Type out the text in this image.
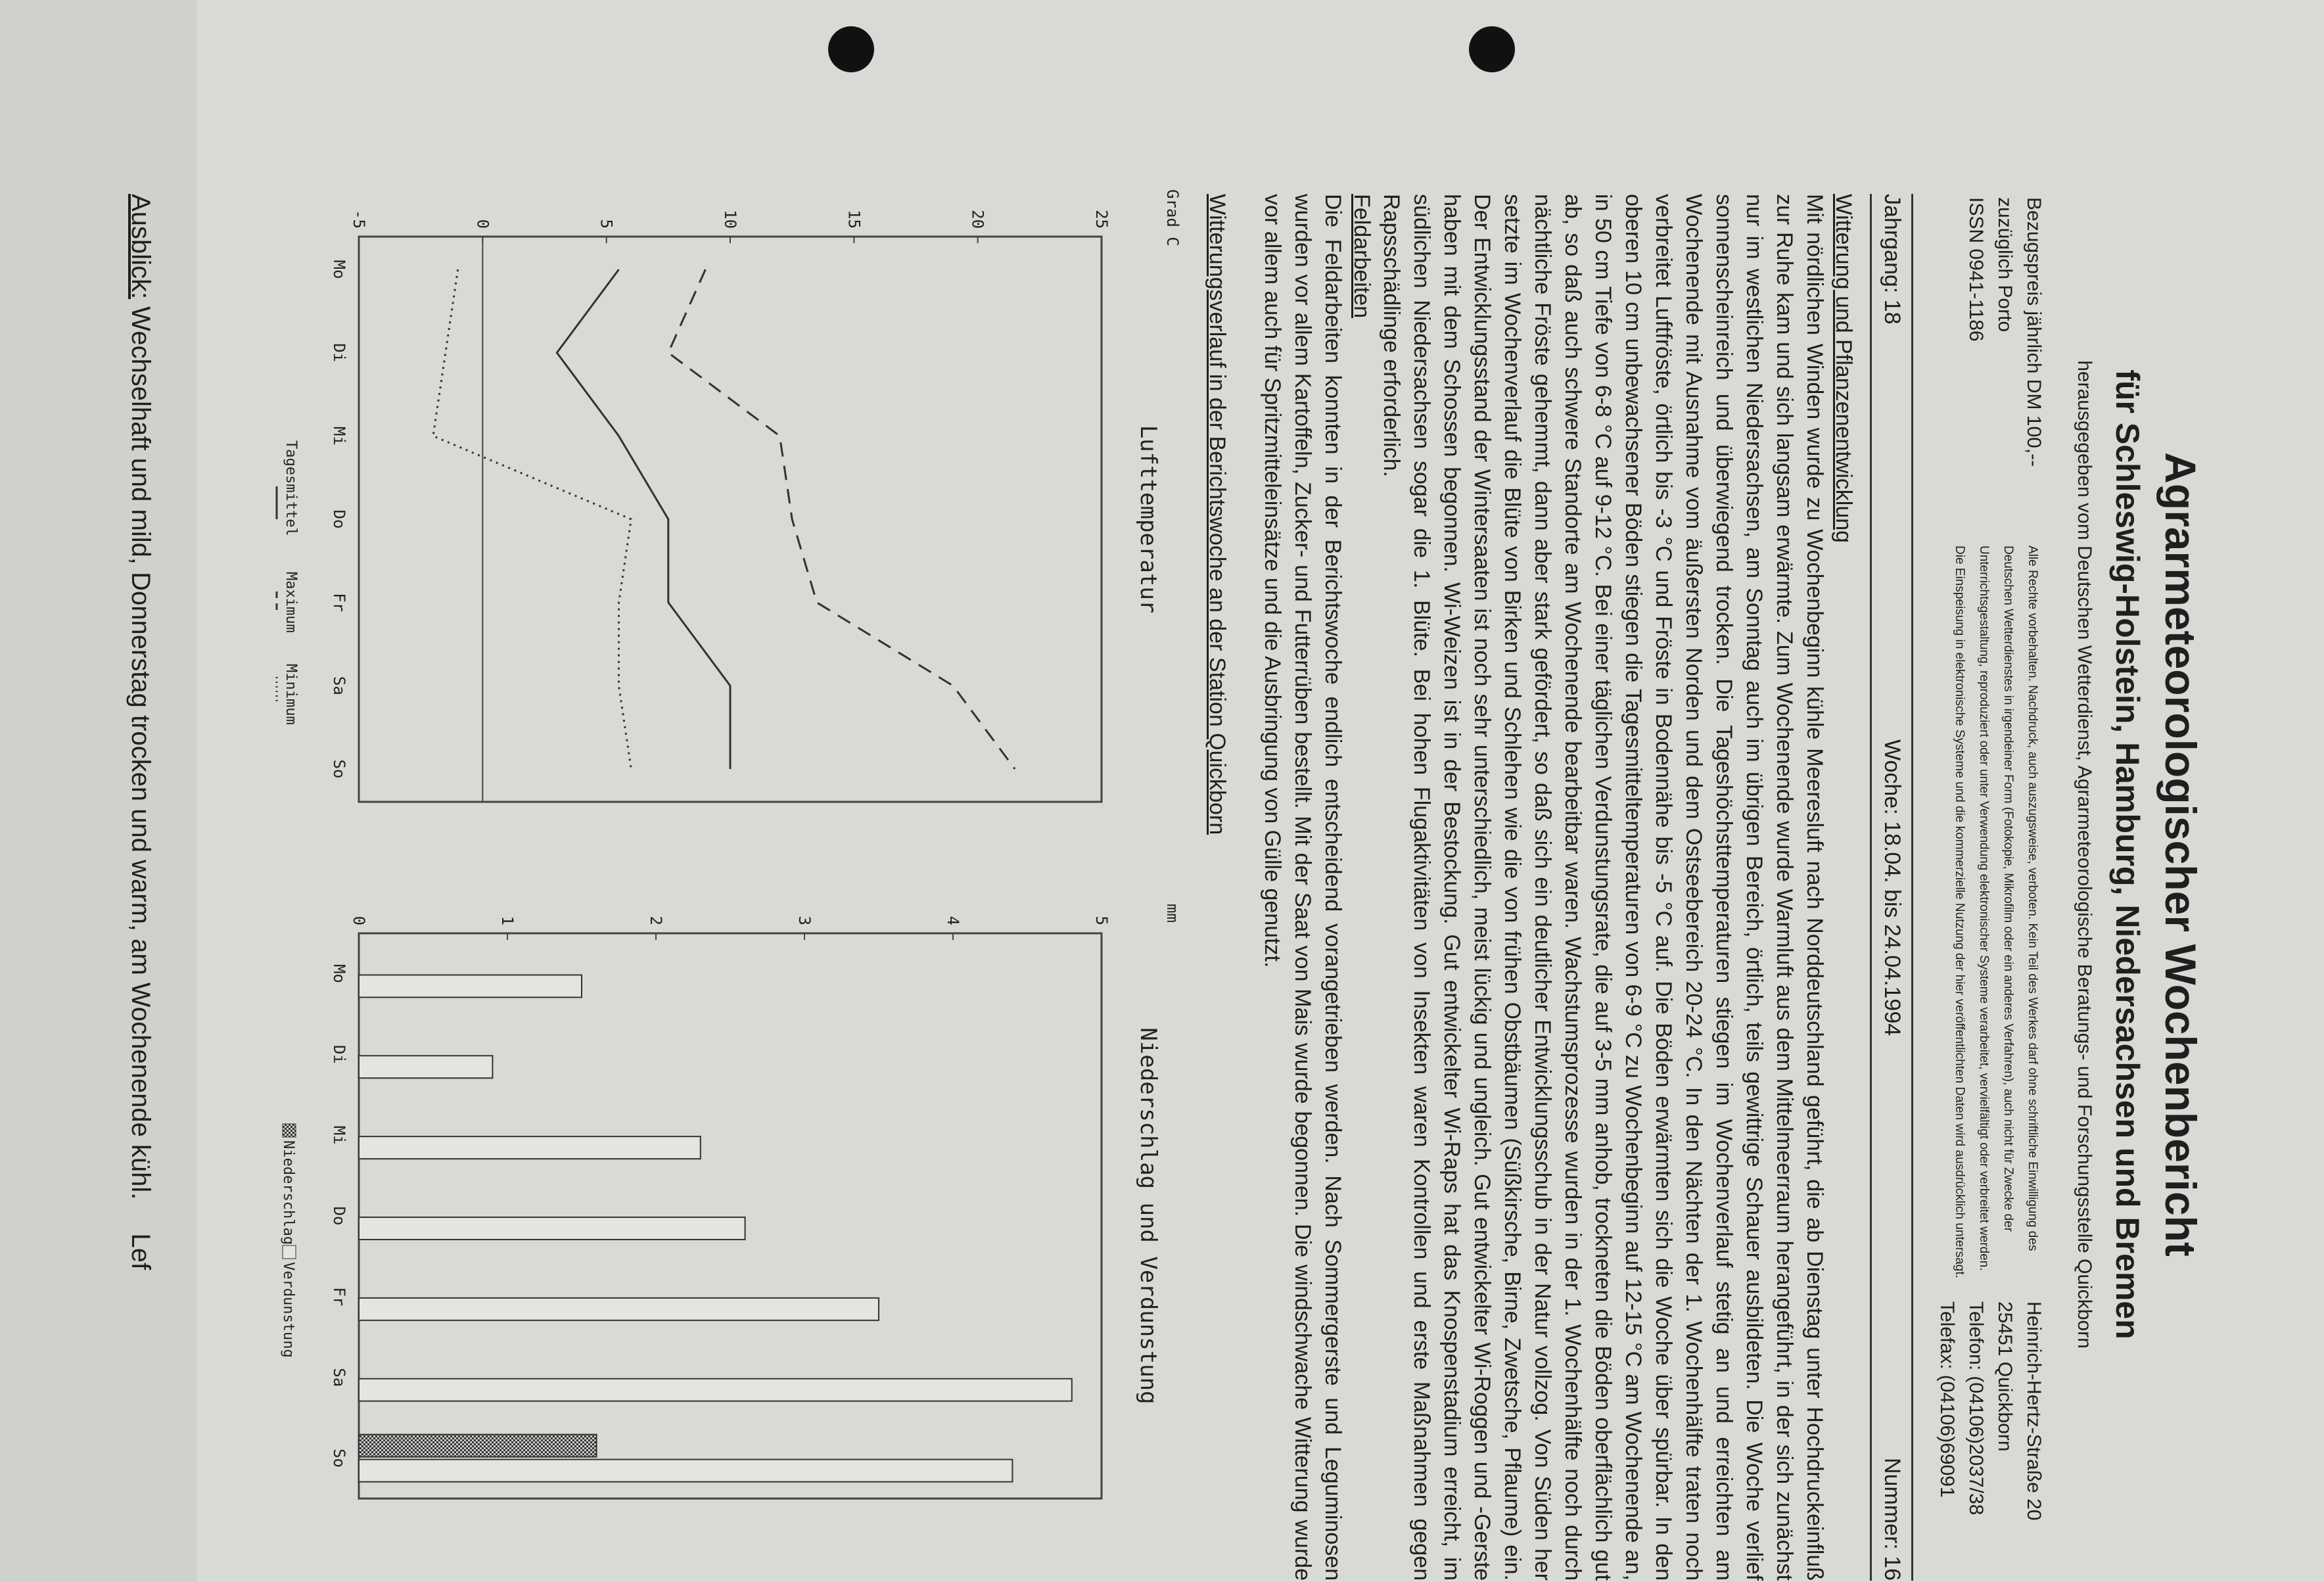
Agrarmeteorologischer Wochenbericht
für Schleswig-Holstein, Hamburg, Niedersachsen und Bremen
herausgegeben vom Deutschen Wetterdienst, Agrarmeteorologische Beratungs- und Forschungsstelle Quickborn
Bezugspreis jährlich DM 100,--
zuzüglich Porto
ISSN 0941-1186
Alle Rechte vorbehalten. Nachdruck, auch auszugsweise, verboten. Kein Teil des Werkes darf ohne schriftliche Einwilligung des Deutschen Wetterdienstes in irgendeiner Form (Fotokopie, Mikrofilm oder ein anderes Verfahren), auch nicht für Zwecke der Unterrichtsgestaltung, reproduziert oder unter Verwendung elektronischer Systeme verarbeitet, vervielfältigt oder verbreitet werden. Die Einspeisung in elektronische Systeme und die kommerzielle Nutzung der hier veröffentlichten Daten wird ausdrücklich untersagt.
Heinrich-Hertz-Straße 20
25451 Quickborn
Telefon: (04106)2037/38
Telefax: (04106)69091
Jahrgang: 18
Woche: 18.04. bis 24.04.1994
Nummer: 16
Witterung und Pflanzenentwicklung
Mit nördlichen Winden wurde zu Wochenbeginn kühle Meeresluft nach Norddeutschland geführt, die ab Dienstag unter Hochdruckeinfluß zur Ruhe kam und sich langsam erwärmte. Zum Wochenende wurde Warmluft aus dem Mittelmeerraum herangeführt, in der sich zunächst nur im westlichen Niedersachsen, am Sonntag auch im übrigen Bereich, örtlich, teils gewittrige Schauer ausbildeten. Die Woche verlief sonnenscheinreich und überwiegend trocken. Die Tageshöchsttemperaturen stiegen im Wochenverlauf stetig an und erreichten am Wochenende mit Ausnahme vom äußersten Norden und dem Ostseebereich 20-24 °C. In den Nächten der 1. Wochenhälfte traten noch verbreitet Luftfröste, örtlich bis -3 °C und Fröste in Bodennähe bis -5 °C auf. Die Böden erwärmten sich die Woche über spürbar. In den oberen 10 cm unbewachsener Böden stiegen die Tagesmitteltemperaturen von 6-9 °C zu Wochenbeginn auf 12-15 °C am Wochenende an, in 50 cm Tiefe von 6-8 °C auf 9-12 °C. Bei einer täglichen Verdunstungsrate, die auf 3-5 mm anhob, trockneten die Böden oberflächlich gut ab, so daß auch schwere Standorte am Wochenende bearbeitbar waren. Wachstumsprozesse wurden in der 1. Wochenhälfte noch durch nächtliche Fröste gehemmt, dann aber stark gefördert, so daß sich ein deutlicher Entwicklungsschub in der Natur vollzog. Von Süden her setzte im Wochenverlauf die Blüte von Birken und Schlehen wie die von frühen Obstbäumen (Süßkirsche, Birne, Zwetsche, Pflaume) ein. Der Entwicklungsstand der Wintersaaten ist noch sehr unterschiedlich, meist lückig und ungleich. Gut entwickelter Wi-Roggen und -Gerste haben mit dem Schossen begonnen. Wi-Weizen ist in der Bestockung. Gut entwickelter Wi-Raps hat das Knospenstadium erreicht, im südlichen Niedersachsen sogar die 1. Blüte. Bei hohen Flugaktivitäten von Insekten waren Kontrollen und erste Maßnahmen gegen Rapsschädlinge erforderlich.
Feldarbeiten
Die Feldarbeiten konnten in der Berichtswoche endlich entscheidend vorangetrieben werden. Nach Sommergerste und Leguminosen wurden vor allem Kartoffeln, Zucker- und Futterrüben bestellt. Mit der Saat von Mais wurde begonnen. Die windschwache Witterung wurde vor allem auch für Spritzmitteleinsätze und die Ausbringung von Gülle genutzt.
Witterungsverlauf in der Berichtswoche an der Station Quickborn
Lufttemperatur
Grad C
25
20
15
10
5
0
-5
Mo
Di
Mi
Do
Fr
Sa
So
Tagesmittel
Maximum
Minimum
Niederschlag und Verdunstung
mm
5
4
3
2
1
0
Mo
Di
Mi
Do
Fr
Sa
So
Niederschlag
Verdunstung
Ausblick: Wechselhaft und mild, Donnerstag trocken und warm, am Wochenende kühl. Lef
